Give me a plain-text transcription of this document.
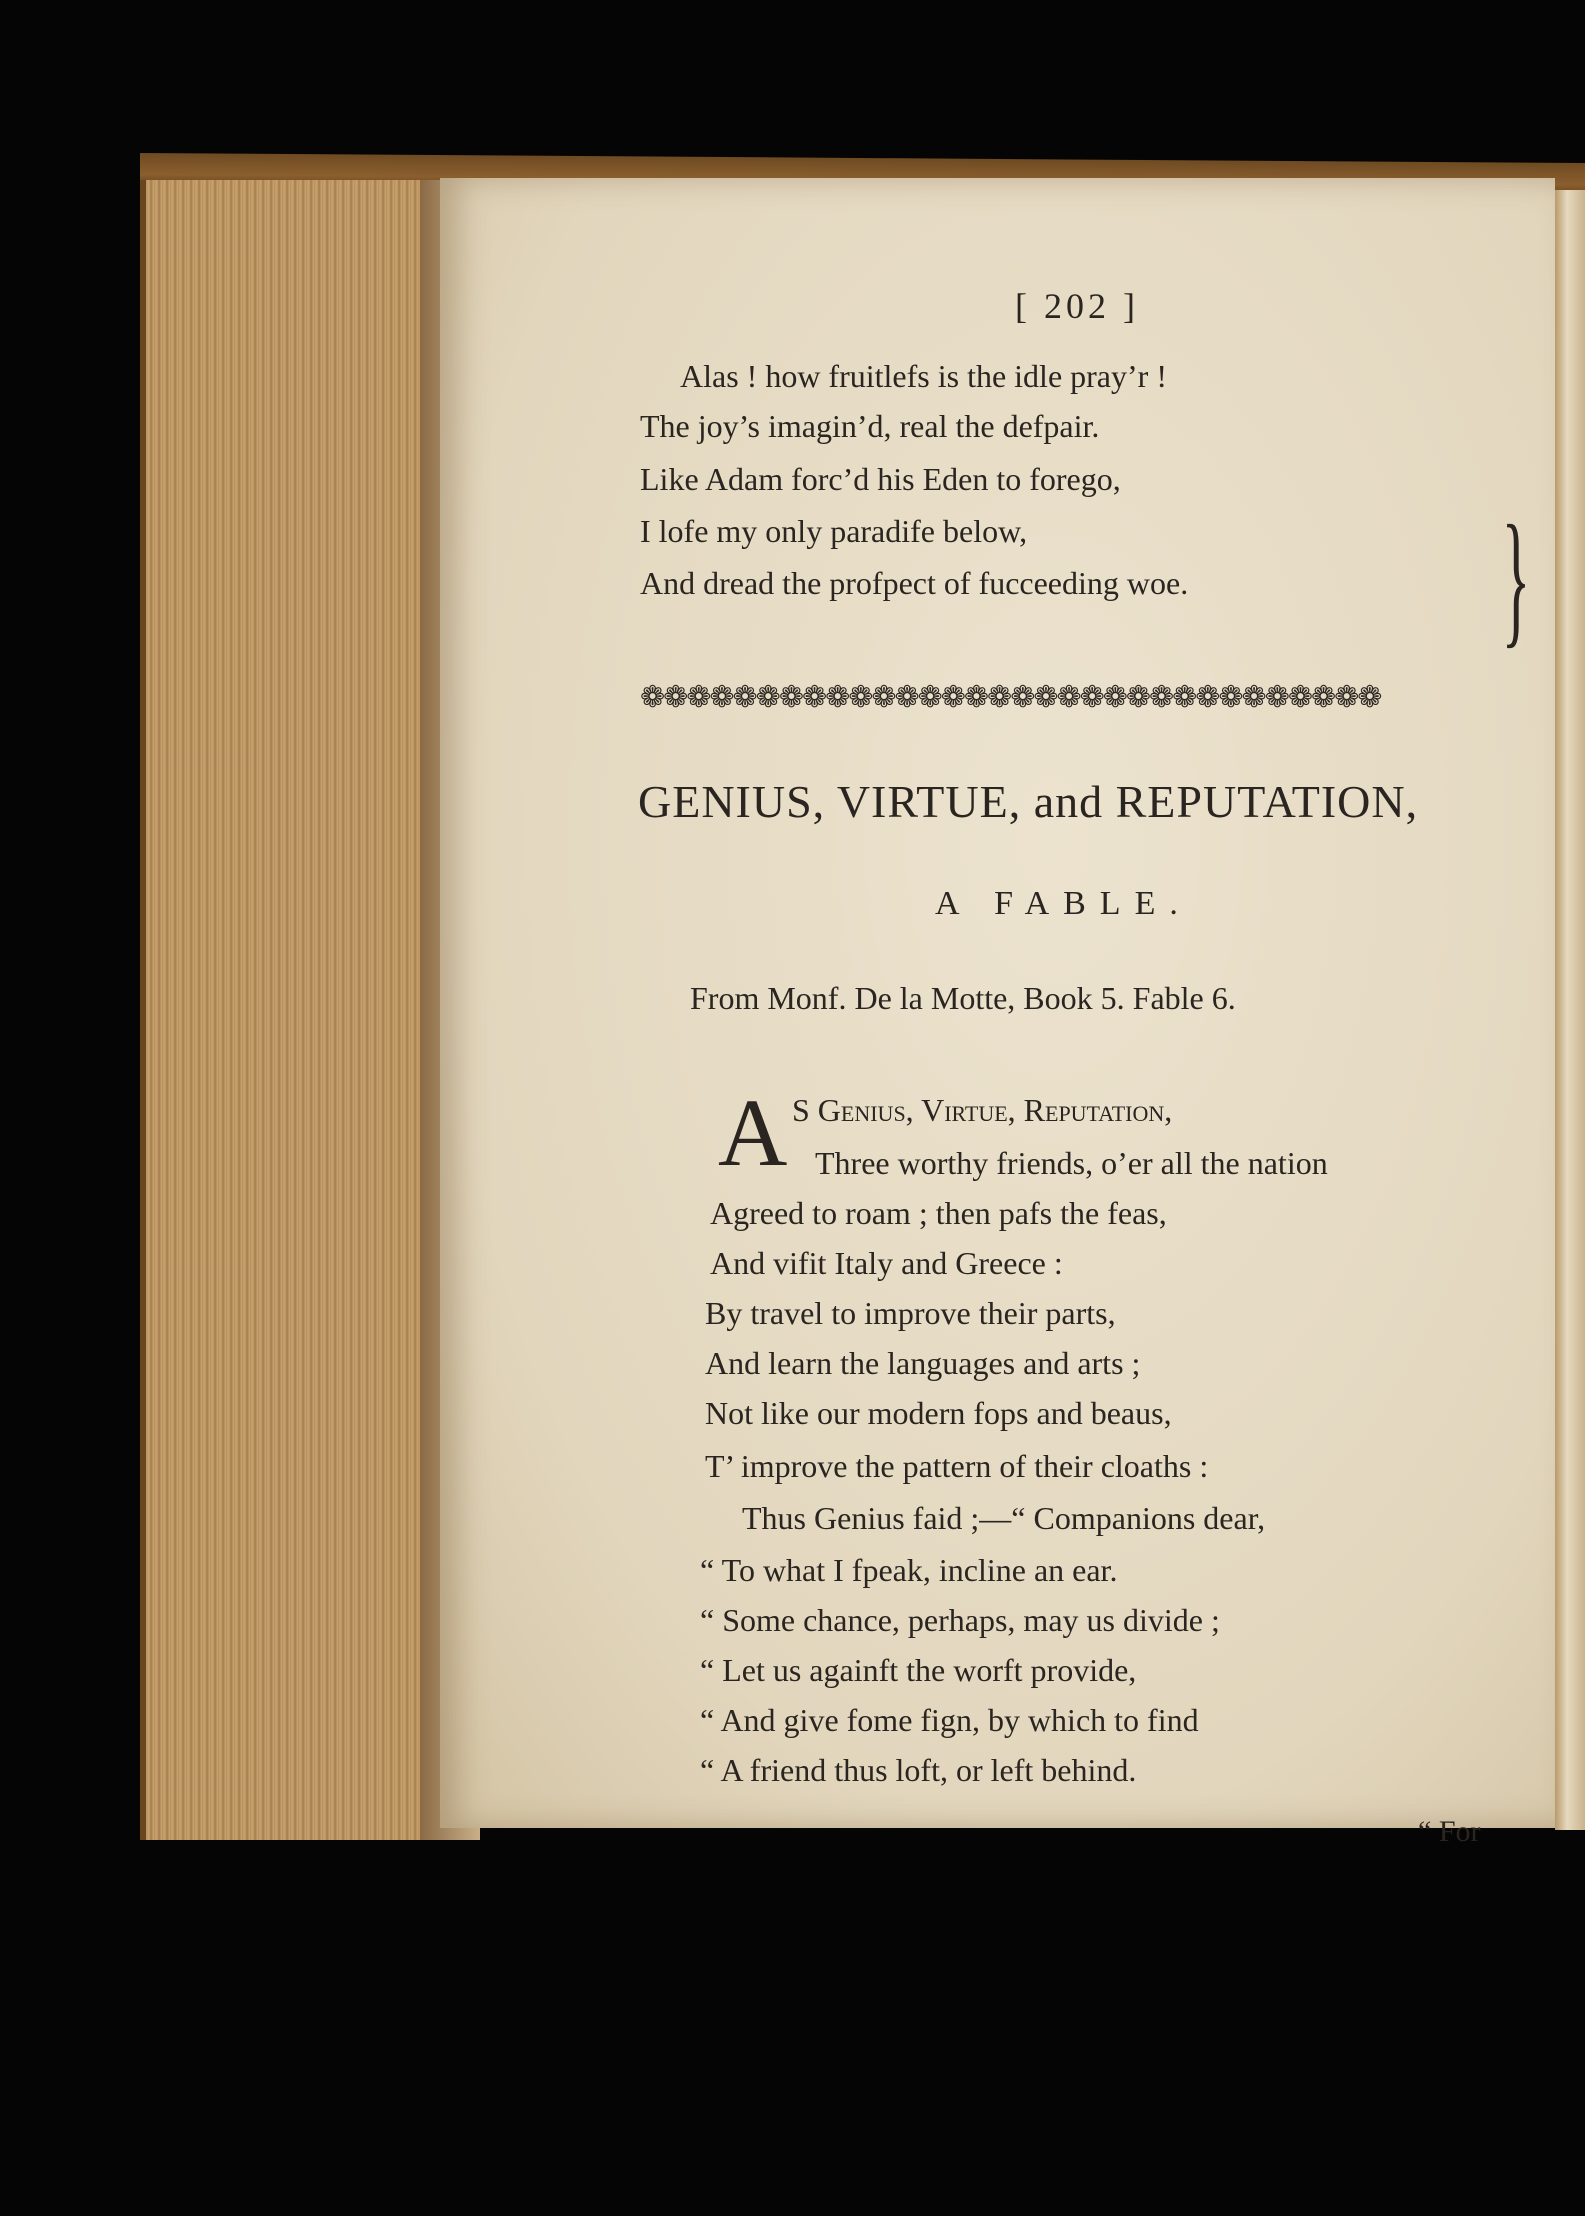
[ 202 ]
Alas ! how fruitlefs is the idle pray’r !
The joy’s imagin’d, real the defpair.
Like Adam forc’d his Eden to forego,
I lofe my only paradife below,
And dread the profpect of fucceeding woe. }
❁❁❁❁❁❁❁❁❁❁❁❁❁❁❁❁❁❁❁❁❁❁❁❁❁❁❁❁❁❁❁❁
GENIUS, VIRTUE, and REPUTATION,
A FABLE.
From Monf. De la Motte, Book 5. Fable 6.
A S Genius, Virtue, Reputation,
Three worthy friends, o’er all the nation
Agreed to roam ; then pafs the feas,
And vifit Italy and Greece :
By travel to improve their parts,
And learn the languages and arts ;
Not like our modern fops and beaus,
T’ improve the pattern of their cloaths :
Thus Genius faid ;—“ Companions dear,
“ To what I fpeak, incline an ear.
“ Some chance, perhaps, may us divide ;
“ Let us againft the worft provide,
“ And give fome fign, by which to find
“ A friend thus loft, or left behind.
“ For
